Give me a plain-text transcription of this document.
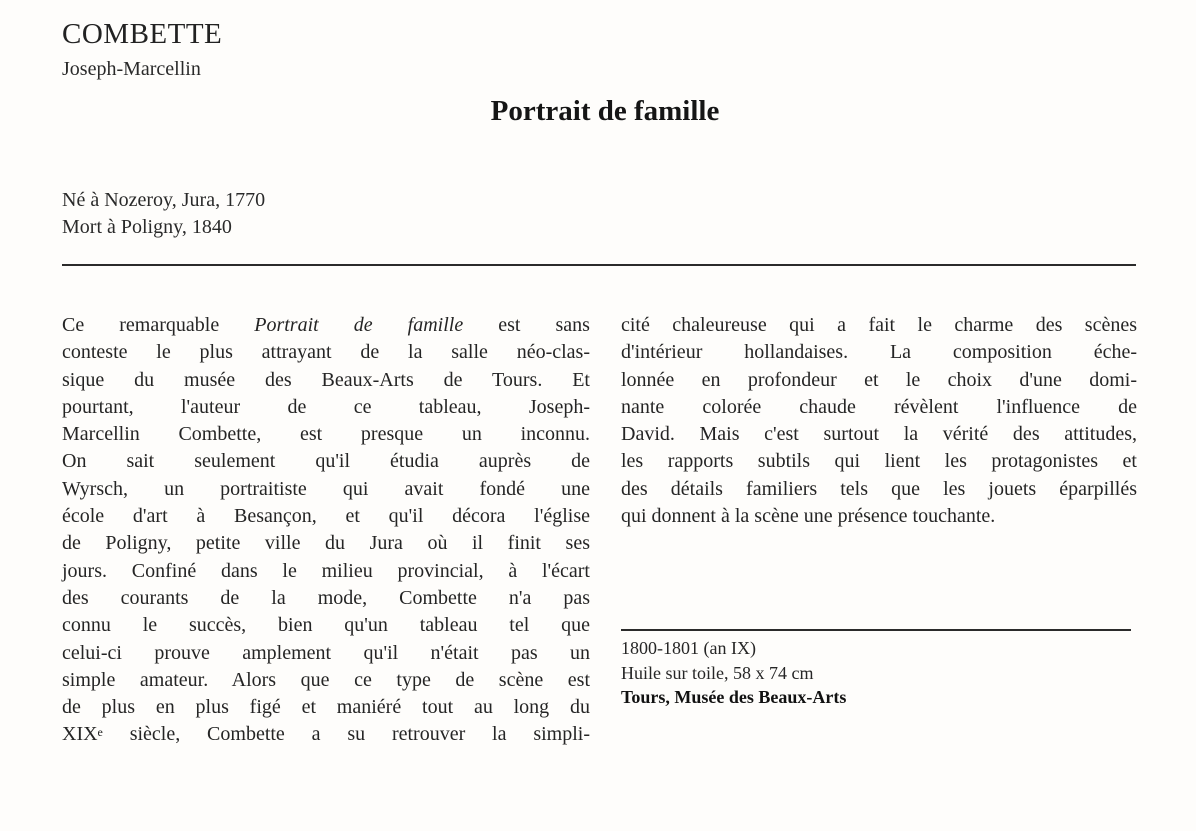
COMBETTE
Joseph-Marcellin
Portrait de famille
Né à Nozeroy, Jura, 1770
Mort à Poligny, 1840
Ce remarquable Portrait de famille est sans
conteste le plus attrayant de la salle néo-clas-
sique du musée des Beaux-Arts de Tours. Et
pourtant, l'auteur de ce tableau, Joseph-
Marcellin Combette, est presque un inconnu.
On sait seulement qu'il étudia auprès de
Wyrsch, un portraitiste qui avait fondé une
école d'art à Besançon, et qu'il décora l'église
de Poligny, petite ville du Jura où il finit ses
jours. Confiné dans le milieu provincial, à l'écart
des courants de la mode, Combette n'a pas
connu le succès, bien qu'un tableau tel que
celui-ci prouve amplement qu'il n'était pas un
simple amateur. Alors que ce type de scène est
de plus en plus figé et maniéré tout au long du
XIXe siècle, Combette a su retrouver la simpli-
cité chaleureuse qui a fait le charme des scènes
d'intérieur hollandaises. La composition éche-
lonnée en profondeur et le choix d'une domi-
nante colorée chaude révèlent l'influence de
David. Mais c'est surtout la vérité des attitudes,
les rapports subtils qui lient les protagonistes et
des détails familiers tels que les jouets éparpillés
qui donnent à la scène une présence touchante.
1800-1801 (an IX)
Huile sur toile, 58 x 74 cm
Tours, Musée des Beaux-Arts
